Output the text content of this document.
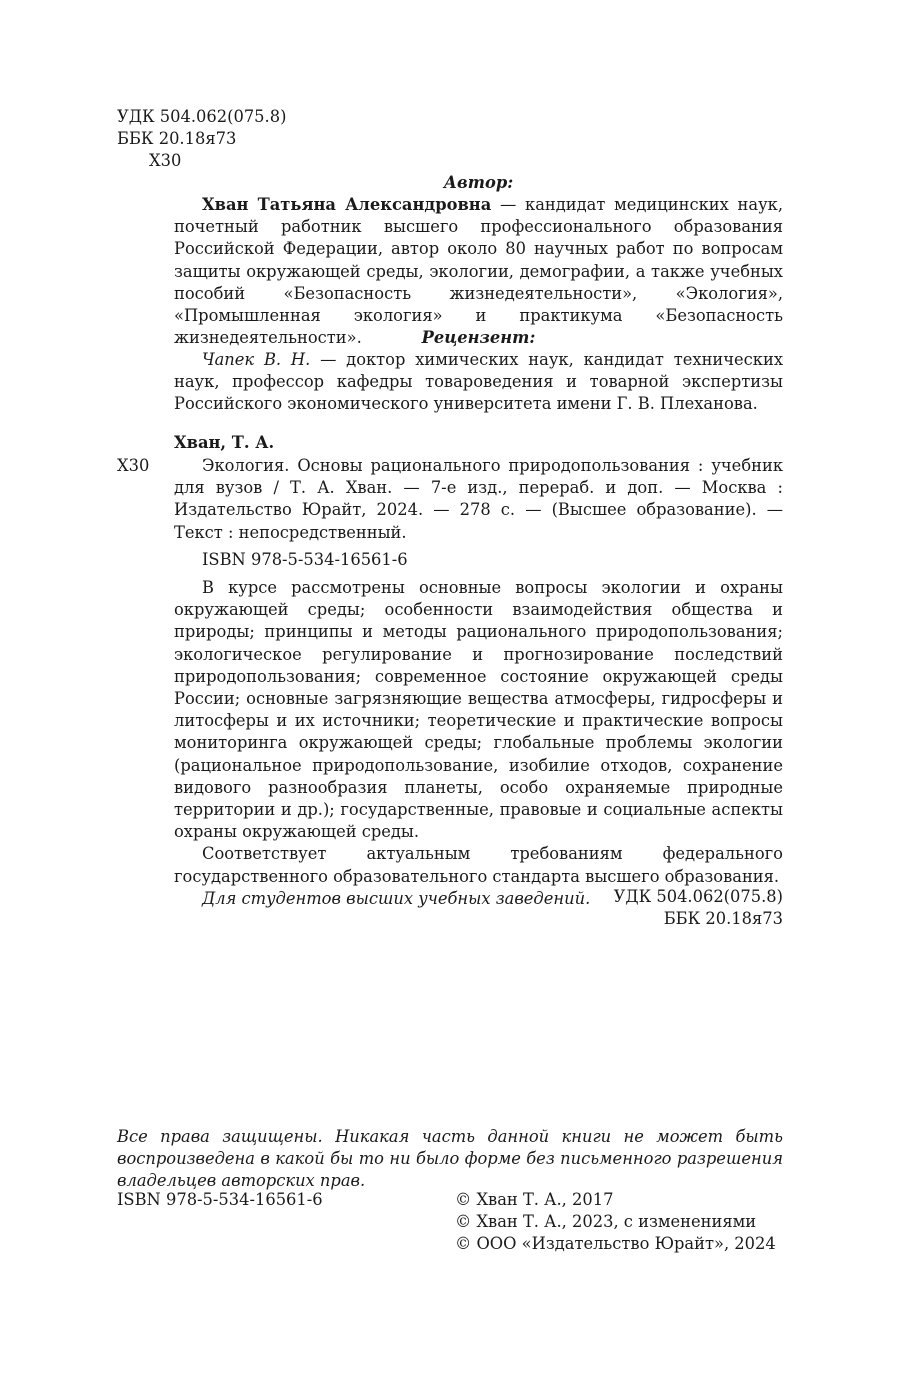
УДК 504.062(075.8)
ББК 20.18я73
Х30
Автор:

Хван Татьяна Александровна — кандидат медицинских наук, почетный работник высшего профессионального образования Российской Федерации, автор около 80 научных работ по вопросам защиты окружающей среды, экологии, демографии, а также учебных пособий «Безопасность жизнедеятельности», «Экология», «Промышленная экология» и практикума «Безопасность жизнедеятельности».	Рецензент:

Чапек В. Н. — доктор химических наук, кандидат технических наук, профессор кафедры товароведения и товарной экспертизы Российского экономического университета имени Г. В. Плеханова.

Хван, Т. А.
Х30	Экология. Основы рационального природопользования : учебник для вузов / Т. А. Хван. — 7-е изд., перераб. и доп. — Москва : Издательство Юрайт, 2024. — 278 с. — (Высшее образование). — Текст : непосредственный.

ISBN 978-5-534-16561-6

В курсе рассмотрены основные вопросы экологии и охраны окружающей среды; особенности взаимодействия общества и природы; принципы и методы рационального природопользования; экологическое регулирование и прогнозирование последствий природопользования; современное состояние окружающей среды России; основные загрязняющие вещества атмосферы, гидросферы и литосферы и их источники; теоретические и практические вопросы мониторинга окружающей среды; глобальные проблемы экологии (рациональное природопользование, изобилие отходов, сохранение видового разнообразия планеты, особо охраняемые природные территории и др.); государственные, правовые и социальные аспекты охраны окружающей среды.

Соответствует актуальным требованиям федерального государственного образовательного стандарта высшего образования.

Для студентов высших учебных заведений.	УДК 504.062(075.8)
ББК 20.18я73
Все права защищены. Никакая часть данной книги не может быть воспроизведена в какой бы то ни было форме без письменного разрешения владельцев авторских прав.
ISBN 978-5-534-16561-6	© Хван Т. А., 2017
© Хван Т. А., 2023, с изменениями
© ООО «Издательство Юрайт», 2024
